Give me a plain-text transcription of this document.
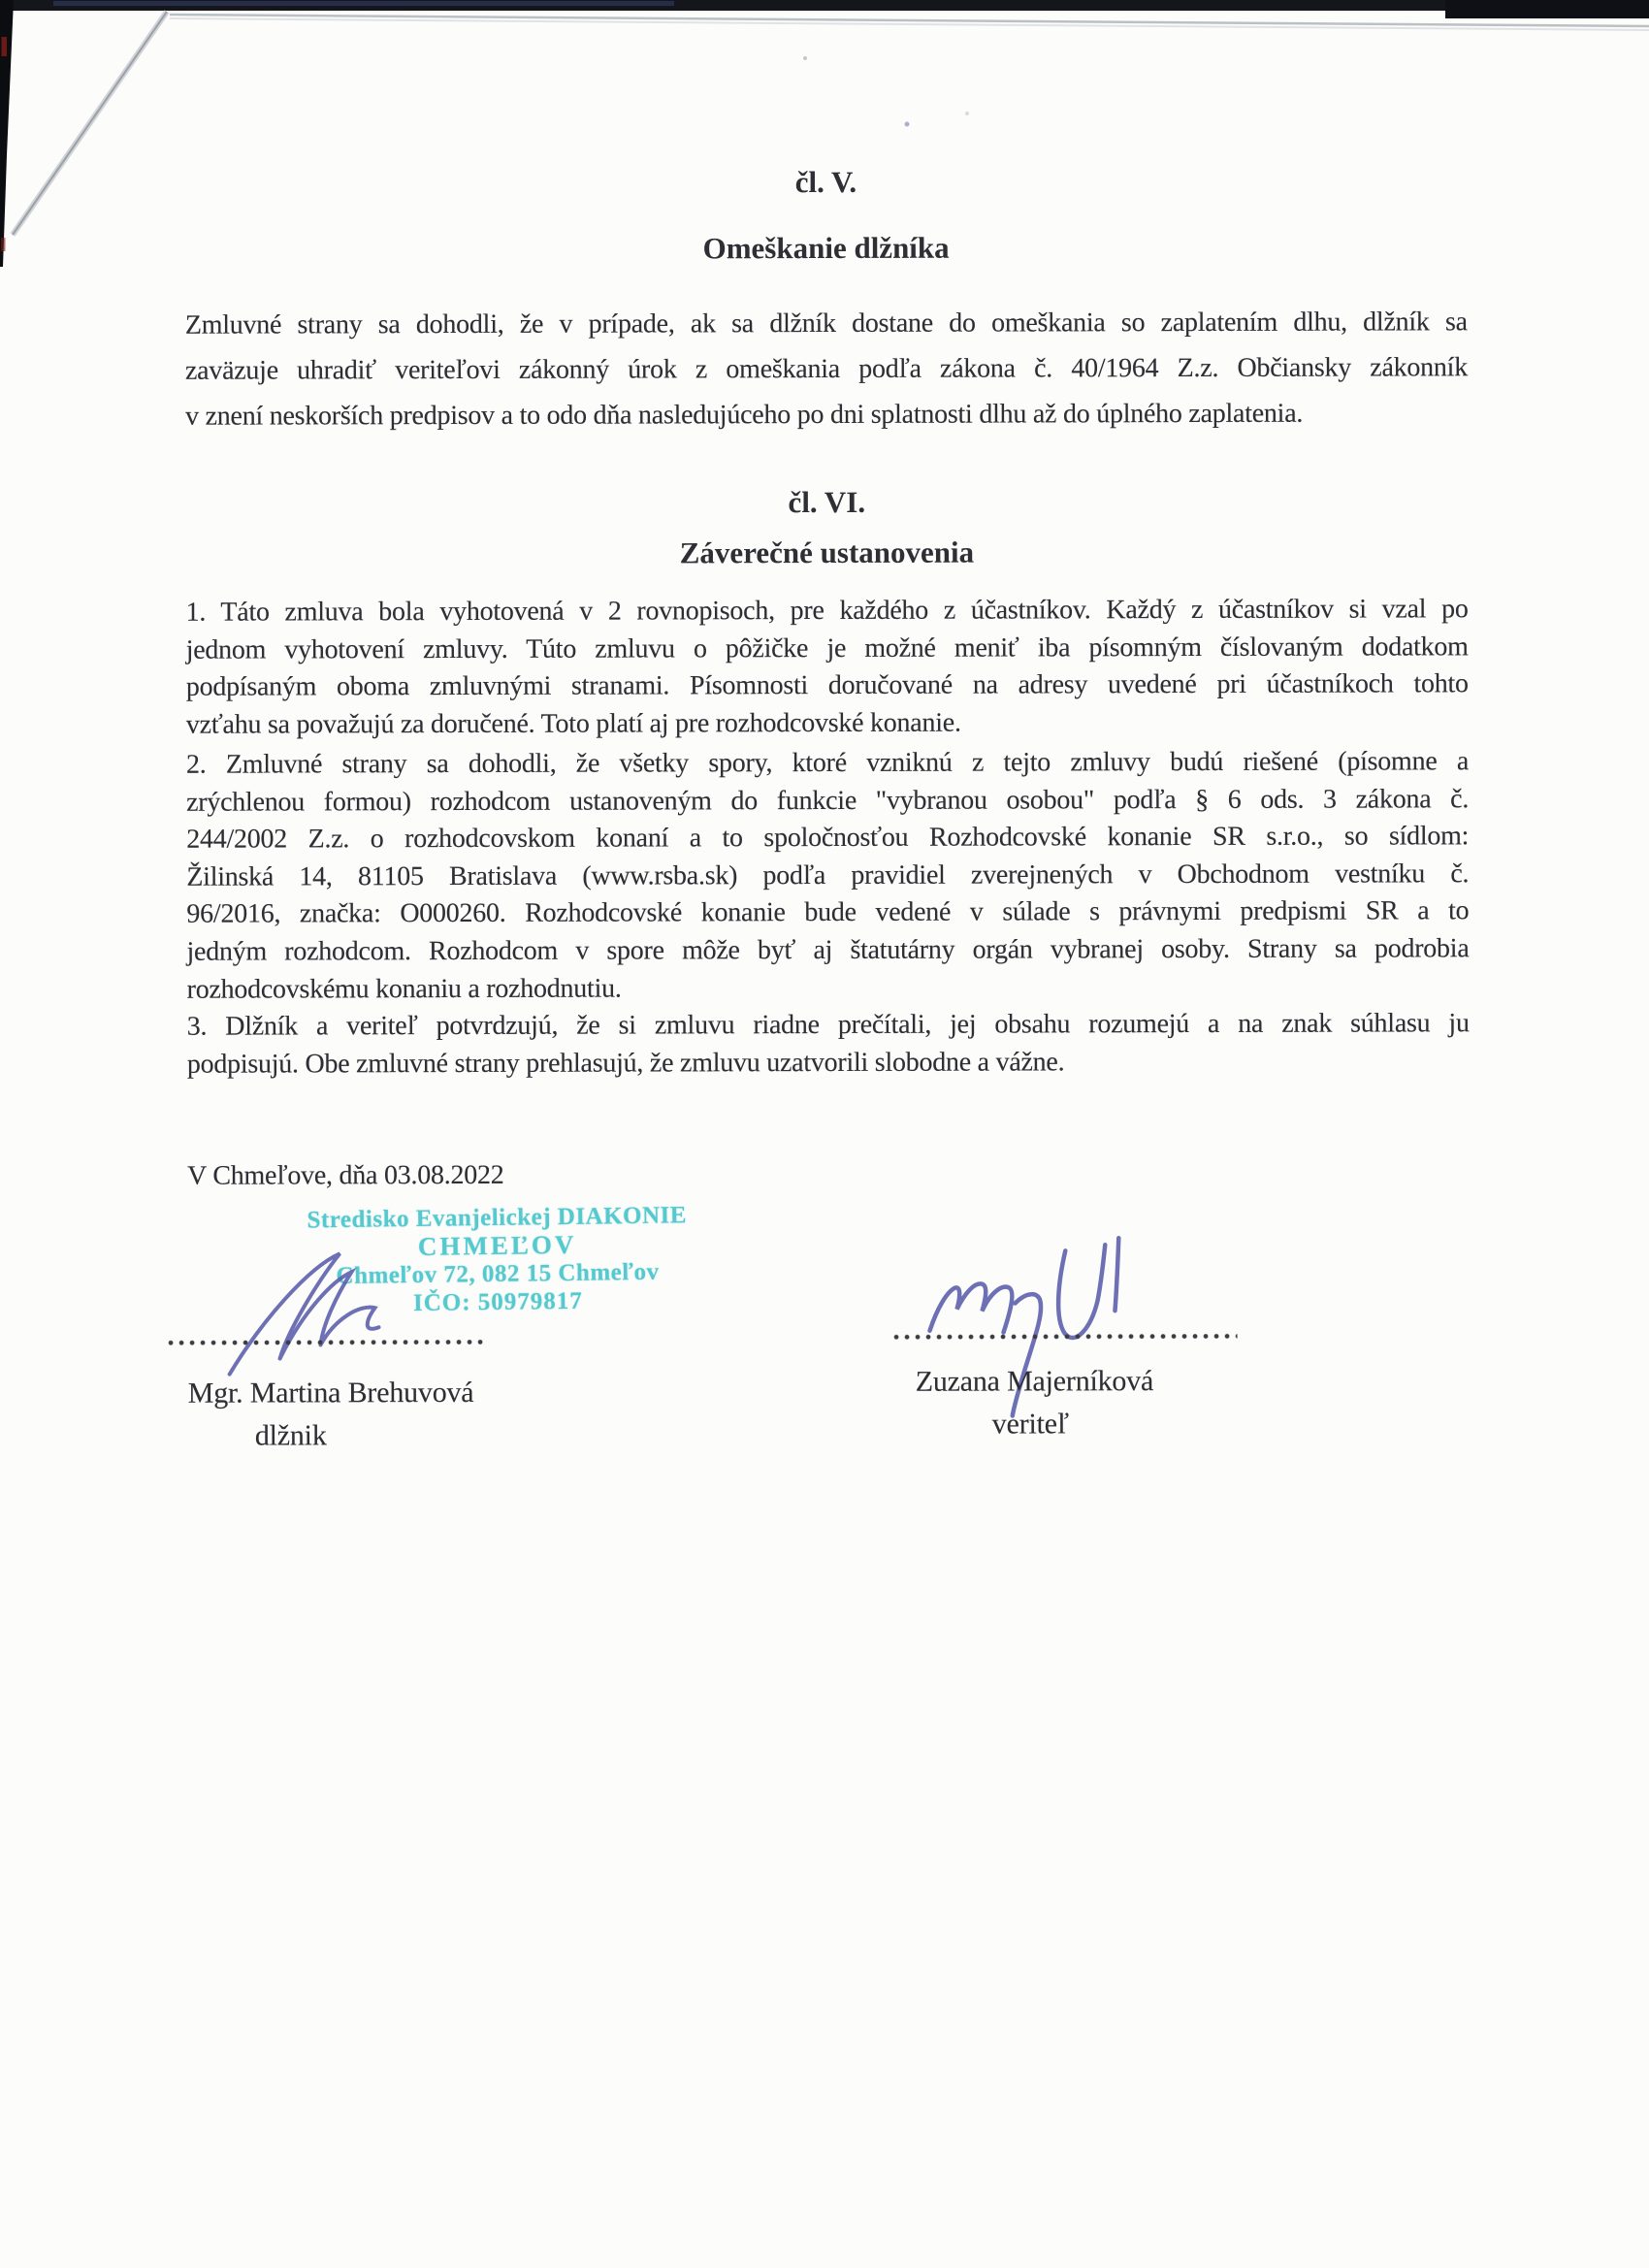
čl. V.
Omeškanie dlžníka
Zmluvné strany sa dohodli, že v prípade, ak sa dlžník dostane do omeškania so zaplatením dlhu, dlžník sa
zaväzuje uhradiť veriteľovi zákonný úrok z omeškania podľa zákona č. 40/1964 Z.z. Občiansky zákonník
v znení neskorších predpisov a to odo dňa nasledujúceho po dni splatnosti dlhu až do úplného zaplatenia.
čl. VI.
Záverečné ustanovenia
1. Táto zmluva bola vyhotovená v 2 rovnopisoch, pre každého z účastníkov. Každý z účastníkov si vzal po
jednom vyhotovení zmluvy. Túto zmluvu o pôžičke je možné meniť iba písomným číslovaným dodatkom
podpísaným oboma zmluvnými stranami. Písomnosti doručované na adresy uvedené pri účastníkoch tohto
vzťahu sa považujú za doručené. Toto platí aj pre rozhodcovské konanie.
2. Zmluvné strany sa dohodli, že všetky spory, ktoré vzniknú z tejto zmluvy budú riešené (písomne a
zrýchlenou formou) rozhodcom ustanoveným do funkcie "vybranou osobou" podľa § 6 ods. 3 zákona č.
244/2002 Z.z. o rozhodcovskom konaní a to spoločnosťou Rozhodcovské konanie SR s.r.o., so sídlom:
Žilinská 14, 81105 Bratislava (www.rsba.sk) podľa pravidiel zverejnených v Obchodnom vestníku č.
96/2016, značka: O000260. Rozhodcovské konanie bude vedené v súlade s právnymi predpismi SR a to
jedným rozhodcom. Rozhodcom v spore môže byť aj štatutárny orgán vybranej osoby. Strany sa podrobia
rozhodcovskému konaniu a rozhodnutiu.
3. Dlžník a veriteľ potvrdzujú, že si zmluvu riadne prečítali, jej obsahu rozumejú a na znak súhlasu ju
podpisujú. Obe zmluvné strany prehlasujú, že zmluvu uzatvorili slobodne a vážne.
V Chmeľove, dňa 03.08.2022
Stredisko Evanjelickej DIAKONIE
CHMEĽOV
Chmeľov 72, 082 15 Chmeľov
IČO: 50979817
Mgr. Martina Brehuvová
dlžnik
Zuzana Majerníková
veriteľ
